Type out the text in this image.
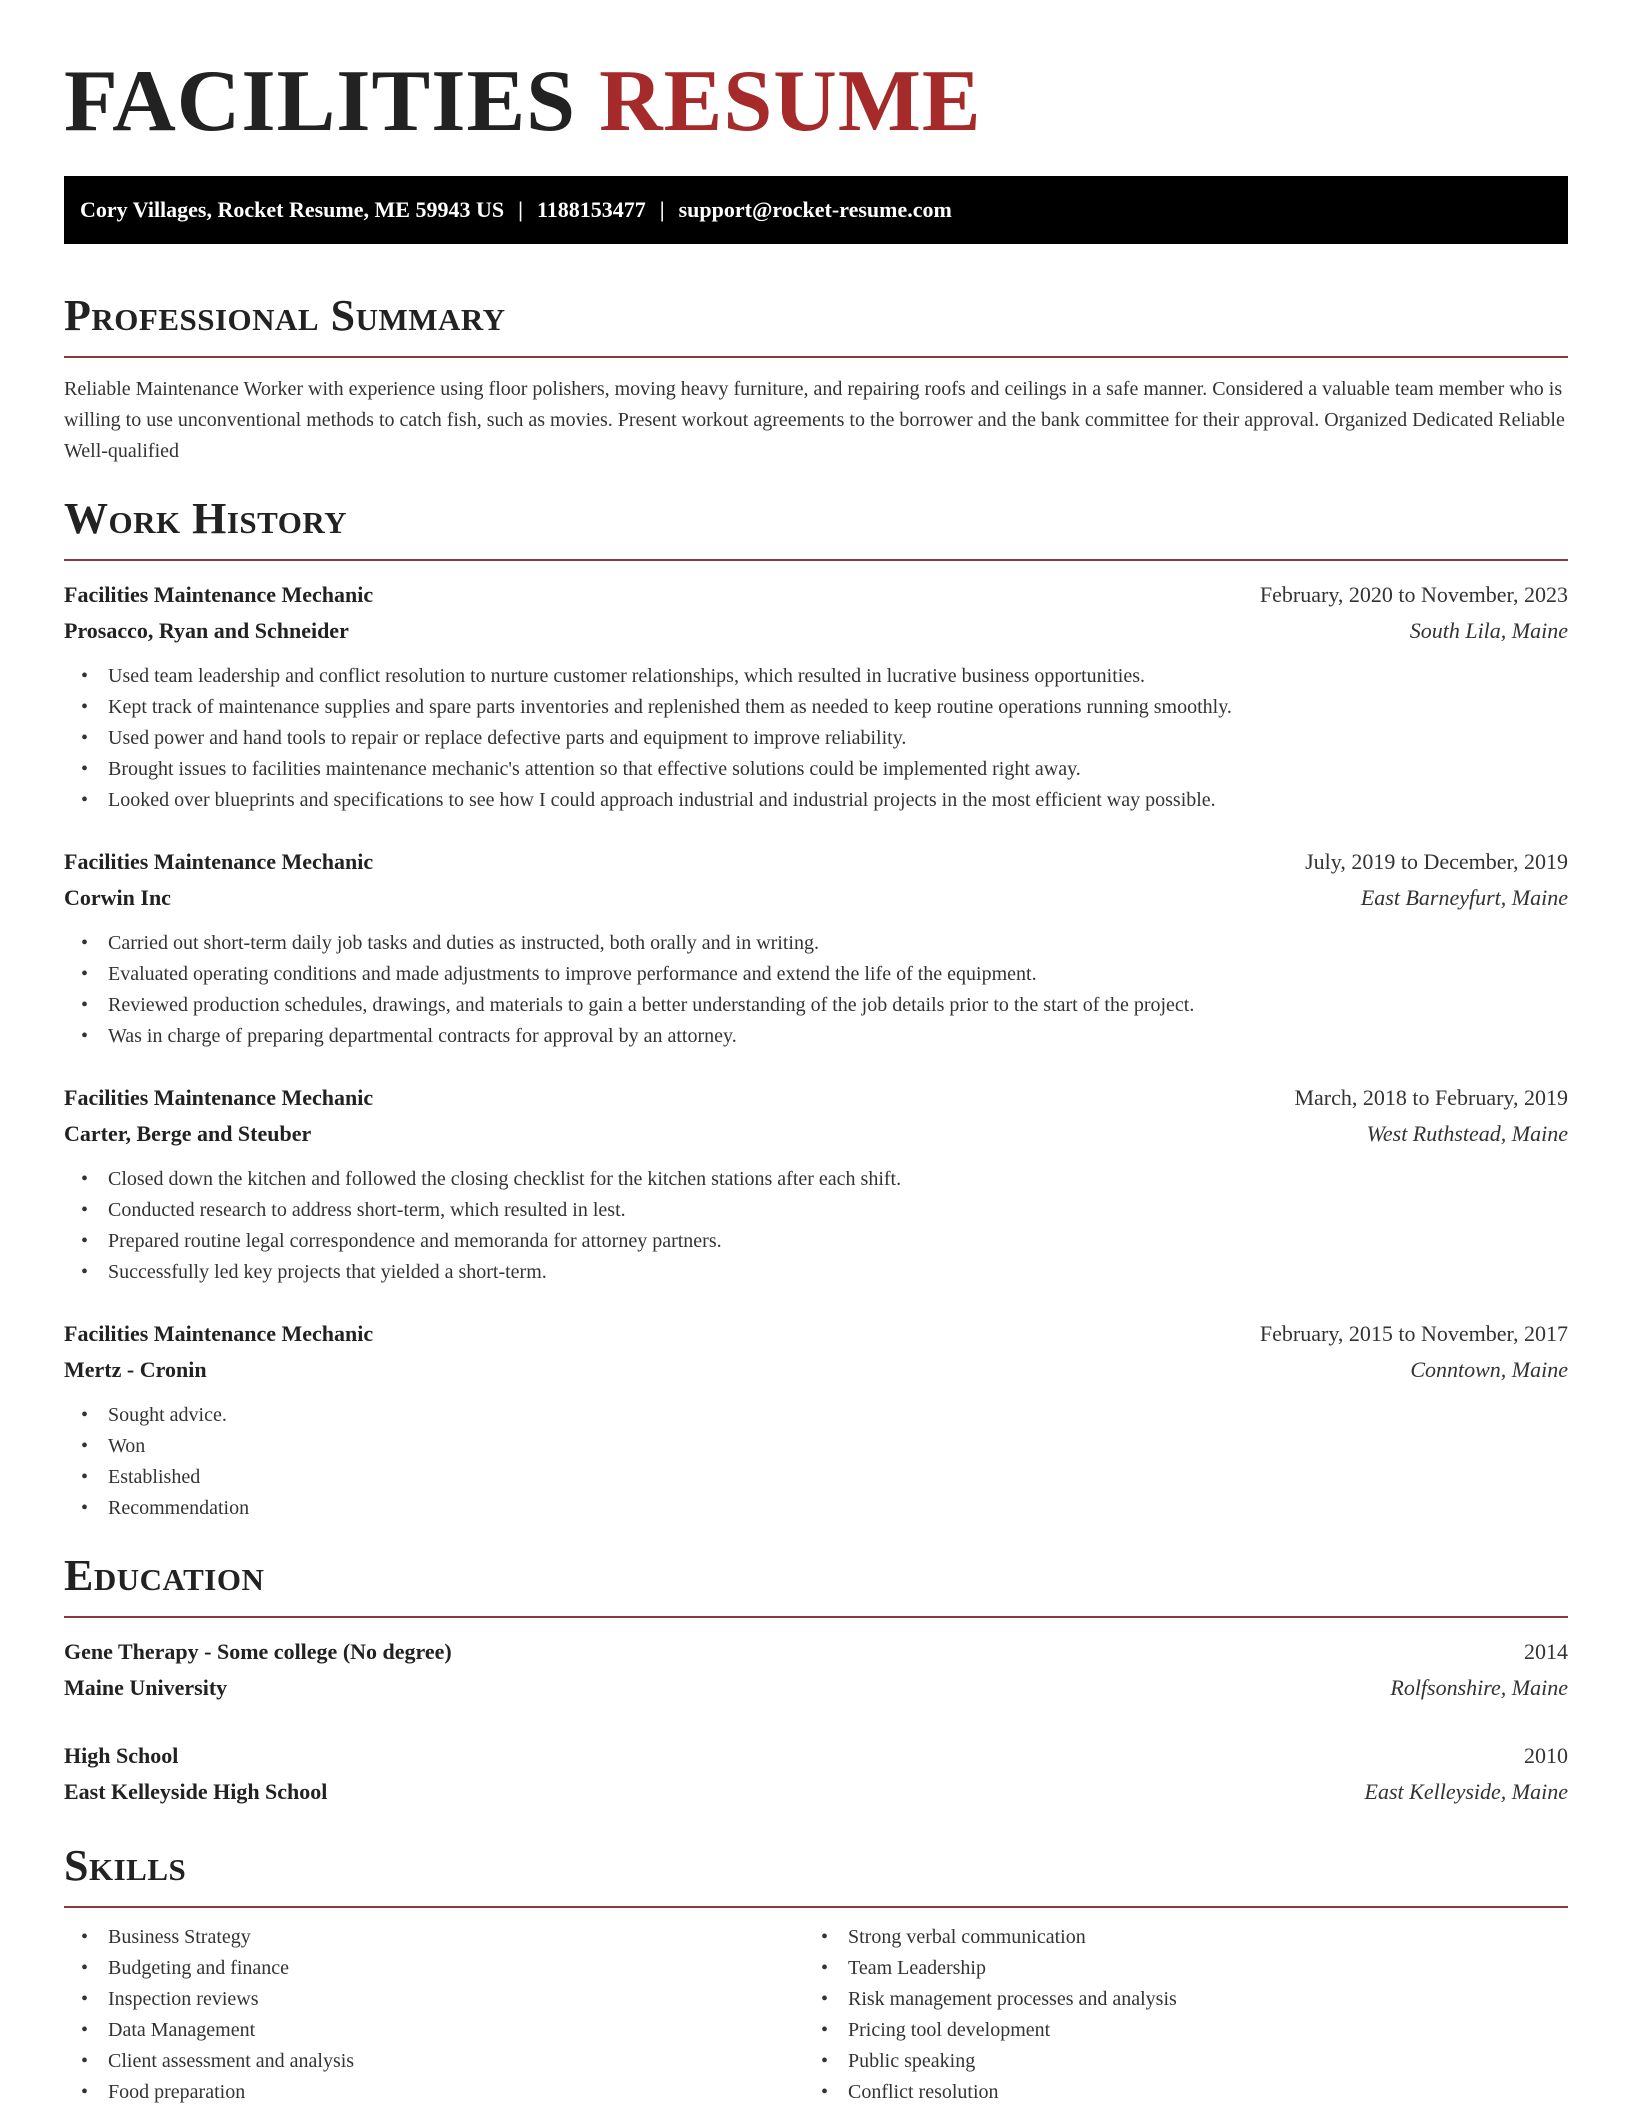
FACILITIES RESUME
Cory Villages, Rocket Resume, ME 59943 US | 1188153477 | support@rocket-resume.com
Professional Summary

Reliable Maintenance Worker with experience using floor polishers, moving heavy furniture, and repairing roofs and ceilings in a safe manner. Considered a valuable team member who is willing to use unconventional methods to catch fish, such as movies. Present workout agreements to the borrower and the bank committee for their approval. Organized Dedicated Reliable Well-qualified

Work History
Facilities Maintenance Mechanic	February, 2020 to November, 2023
Prosacco, Ryan and Schneider	South Lila, Maine
• Used team leadership and conflict resolution to nurture customer relationships, which resulted in lucrative business opportunities.
• Kept track of maintenance supplies and spare parts inventories and replenished them as needed to keep routine operations running smoothly.
• Used power and hand tools to repair or replace defective parts and equipment to improve reliability.
• Brought issues to facilities maintenance mechanic's attention so that effective solutions could be implemented right away.
• Looked over blueprints and specifications to see how I could approach industrial and industrial projects in the most efficient way possible.
Facilities Maintenance Mechanic	July, 2019 to December, 2019
Corwin Inc	East Barneyfurt, Maine
• Carried out short-term daily job tasks and duties as instructed, both orally and in writing.
• Evaluated operating conditions and made adjustments to improve performance and extend the life of the equipment.
• Reviewed production schedules, drawings, and materials to gain a better understanding of the job details prior to the start of the project.
• Was in charge of preparing departmental contracts for approval by an attorney.
Facilities Maintenance Mechanic	March, 2018 to February, 2019
Carter, Berge and Steuber	West Ruthstead, Maine
• Closed down the kitchen and followed the closing checklist for the kitchen stations after each shift.
• Conducted research to address short-term, which resulted in lest.
• Prepared routine legal correspondence and memoranda for attorney partners.
• Successfully led key projects that yielded a short-term.
Facilities Maintenance Mechanic	February, 2015 to November, 2017
Mertz - Cronin	Conntown, Maine
• Sought advice.
• Won
• Established
• Recommendation
Education
Gene Therapy - Some college (No degree)	2014
Maine University	Rolfsonshire, Maine
High School	2010
East Kelleyside High School	East Kelleyside, Maine
Skills
• Business Strategy
• Budgeting and finance
• Inspection reviews
• Data Management
• Client assessment and analysis
• Food preparation
• Strong verbal communication
• Team Leadership
• Risk management processes and analysis
• Pricing tool development
• Public speaking
• Conflict resolution
